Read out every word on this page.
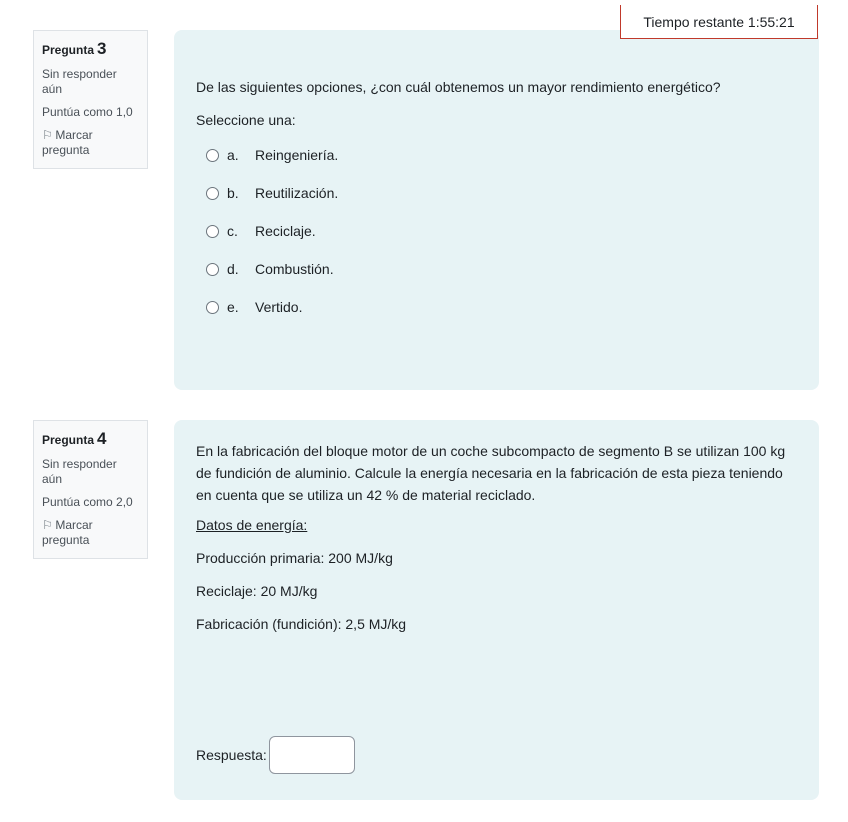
Tiempo restante
1:55:21
Pregunta 3
Sin responder aún
Puntúa como 1,0
⚐ Marcar pregunta
De las siguientes opciones, ¿con cuál obtenemos un mayor rendimiento energético?
Seleccione una:
a.	Reingeniería.
b.	Reutilización.
c.	Reciclaje.
d.	Combustión.
e.	Vertido.
Pregunta 4
Sin responder aún
Puntúa como 2,0
⚐ Marcar pregunta
En la fabricación del bloque motor de un coche subcompacto de segmento B se utilizan 100 kg de fundición de aluminio. Calcule la energía necesaria en la fabricación de esta pieza teniendo en cuenta que se utiliza un 42 % de material reciclado.
Datos de energía:
Producción primaria: 200 MJ/kg
Reciclaje: 20 MJ/kg
Fabricación (fundición): 2,5 MJ/kg
Respuesta:
